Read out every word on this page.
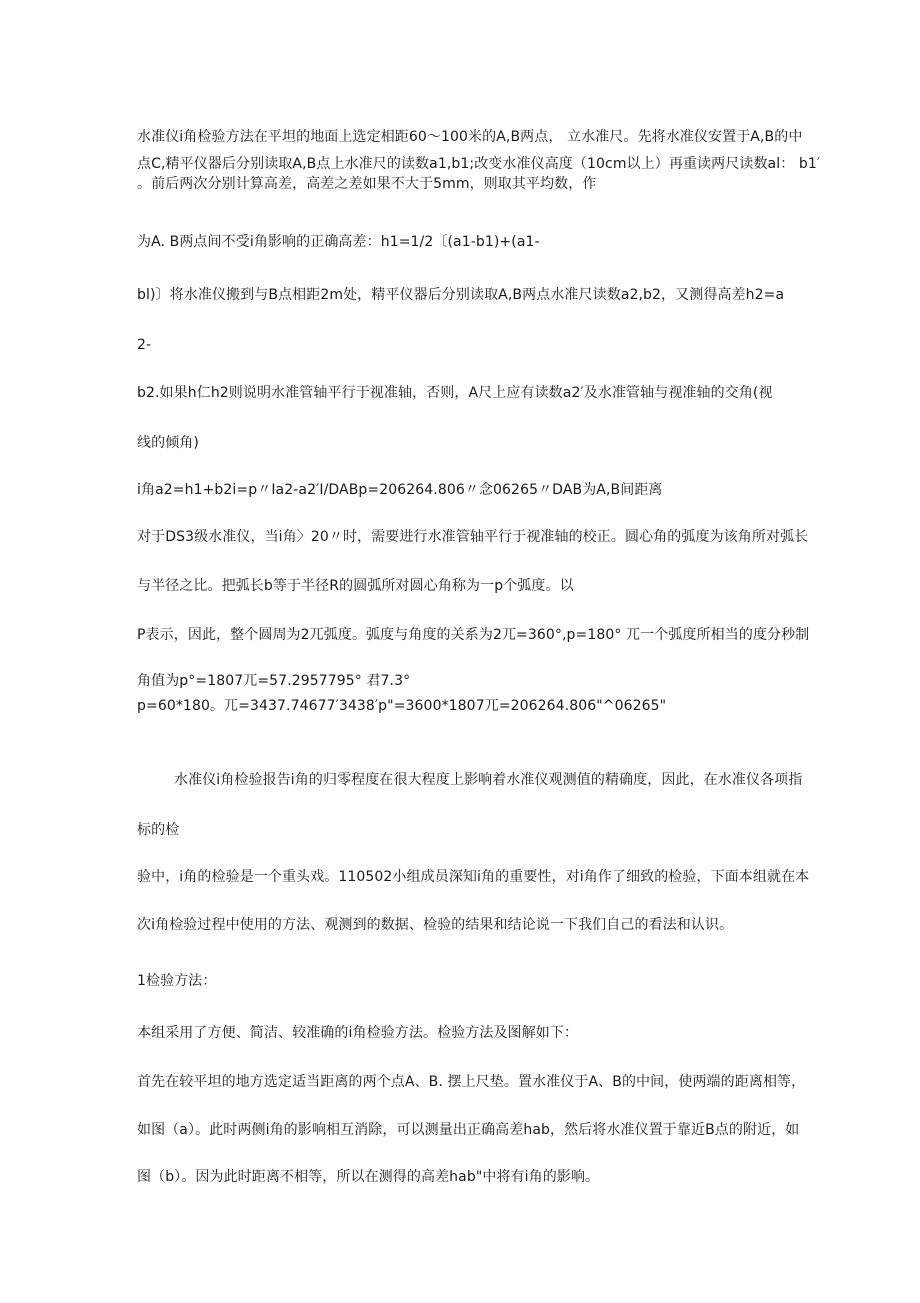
水准仪i角检验方法在平坦的地面上选定相距60～100米的A,B两点， 立水准尺。先将水准仪安置于A,B的中
点C,精平仪器后分别读取A,B点上水准尺的读数a1,b1;改变水准仪高度（10cm以上）再重读两尺读数al： b1′
。前后两次分别计算高差，高差之差如果不大于5mm，则取其平均数，作
为A. B两点间不受i角影响的正确高差：h1=1/2〔(a1-b1)+(a1-
bl)〕将水准仪搬到与B点相距2m处，精平仪器后分别读取A,B两点水准尺读数a2,b2，又测得高差h2=a
2-
b2.如果h仁h2则说明水准管轴平行于视准轴，否则，A尺上应有读数a2′及水准管轴与视准轴的交角(视
线的倾角)
i角a2=h1+b2i=p〃Ia2-a2′I/DABp=206264.806〃念06265〃DAB为A,B间距离
对于DS3级水准仪，当i角〉20〃时，需要进行水准管轴平行于视准轴的校正。圆心角的弧度为该角所对弧长
与半径之比。把弧长b等于半径R的圆弧所对圆心角称为一p个弧度。以
P表示，因此，整个圆周为2兀弧度。弧度与角度的关系为2兀=360°,p=180° 兀一个弧度所相当的度分秒制
角值为p°=1807兀=57.2957795° 君7.3°
p=60*180。兀=3437.74677′3438′p"=3600*1807兀=206264.806"^06265"
水准仪i角检验报告i角的归零程度在很大程度上影响着水准仪观测值的精确度，因此，在水准仪各项指
标的检
验中，i角的检验是一个重头戏。110502小组成员深知i角的重要性，对i角作了细致的检验，下面本组就在本
次i角检验过程中使用的方法、观测到的数据、检验的结果和结论说一下我们自己的看法和认识。
1检验方法：
本组采用了方便、简洁、较准确的i角检验方法。检验方法及图解如下：
首先在较平坦的地方选定适当距离的两个点A、B. 摆上尺垫。置水准仪于A、B的中间，使两端的距离相等，
如图（a）。此时两侧i角的影响相互消除，可以测量出正确高差hab，然后将水准仪置于靠近B点的附近，如
图（b）。因为此时距离不相等，所以在测得的高差hab"中将有i角的影响。
